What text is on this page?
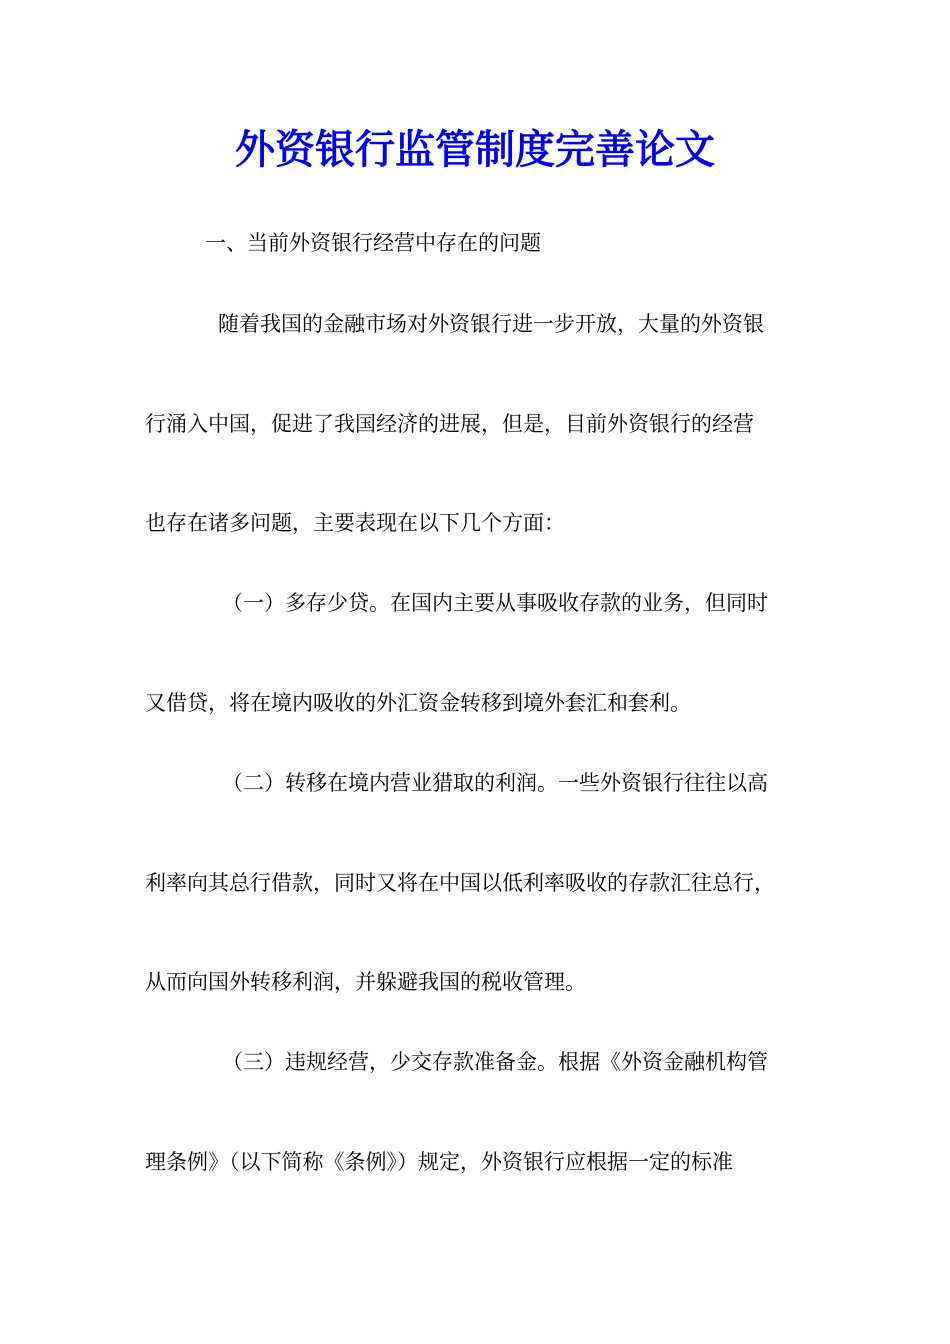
外资银行监管制度完善论文

一、当前外资银行经营中存在的问题

随着我国的金融市场对外资银行进一步开放，大量的外资银

行涌入中国，促进了我国经济的进展，但是，目前外资银行的经营

也存在诸多问题，主要表现在以下几个方面：

（一）多存少贷。在国内主要从事吸收存款的业务，但同时

又借贷，将在境内吸收的外汇资金转移到境外套汇和套利。

（二）转移在境内营业猎取的利润。一些外资银行往往以高

利率向其总行借款，同时又将在中国以低利率吸收的存款汇往总行，

从而向国外转移利润，并躲避我国的税收管理。

（三）违规经营，少交存款准备金。根据《外资金融机构管

理条例》（以下简称《条例》）规定，外资银行应根据一定的标准
